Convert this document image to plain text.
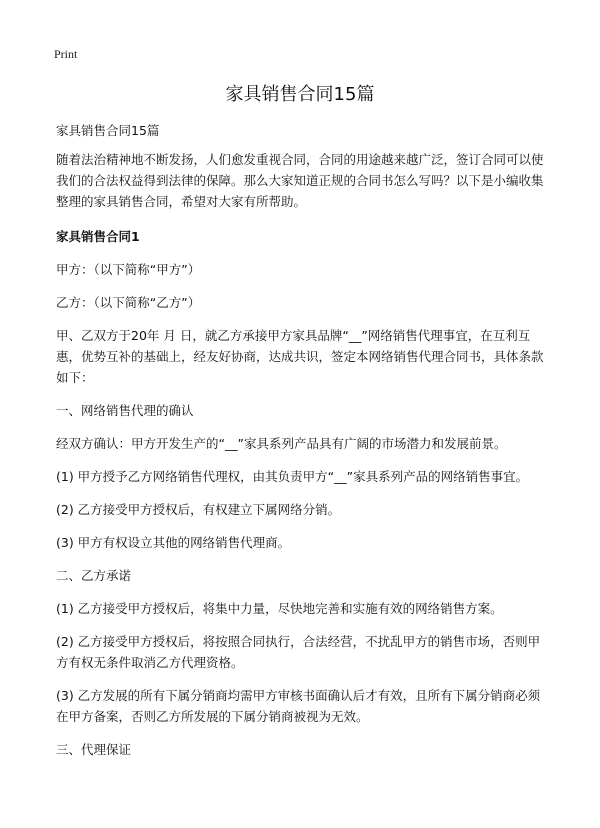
Print
家具销售合同15篇

家具销售合同15篇

随着法治精神地不断发扬，人们愈发重视合同，合同的用途越来越广泛，签订合同可以使我们的合法权益得到法律的保障。那么大家知道正规的合同书怎么写吗？以下是小编收集整理的家具销售合同，希望对大家有所帮助。

家具销售合同1

甲方：（以下简称“甲方”）

乙方：（以下简称“乙方”）

甲、乙双方于20年 月 日，就乙方承接甲方家具品牌“__”网络销售代理事宜，在互利互惠，优势互补的基础上，经友好协商，达成共识，签定本网络销售代理合同书，具体条款如下：

一、网络销售代理的确认

经双方确认：甲方开发生产的“__”家具系列产品具有广阔的市场潜力和发展前景。

(1) 甲方授予乙方网络销售代理权，由其负责甲方“__”家具系列产品的网络销售事宜。

(2) 乙方接受甲方授权后，有权建立下属网络分销。

(3) 甲方有权设立其他的网络销售代理商。

二、乙方承诺

(1) 乙方接受甲方授权后，将集中力量，尽快地完善和实施有效的网络销售方案。

(2) 乙方接受甲方授权后，将按照合同执行，合法经营，不扰乱甲方的销售市场，否则甲方有权无条件取消乙方代理资格。

(3) 乙方发展的所有下属分销商均需甲方审核书面确认后才有效，且所有下属分销商必须在甲方备案，否则乙方所发展的下属分销商被视为无效。

三、代理保证
